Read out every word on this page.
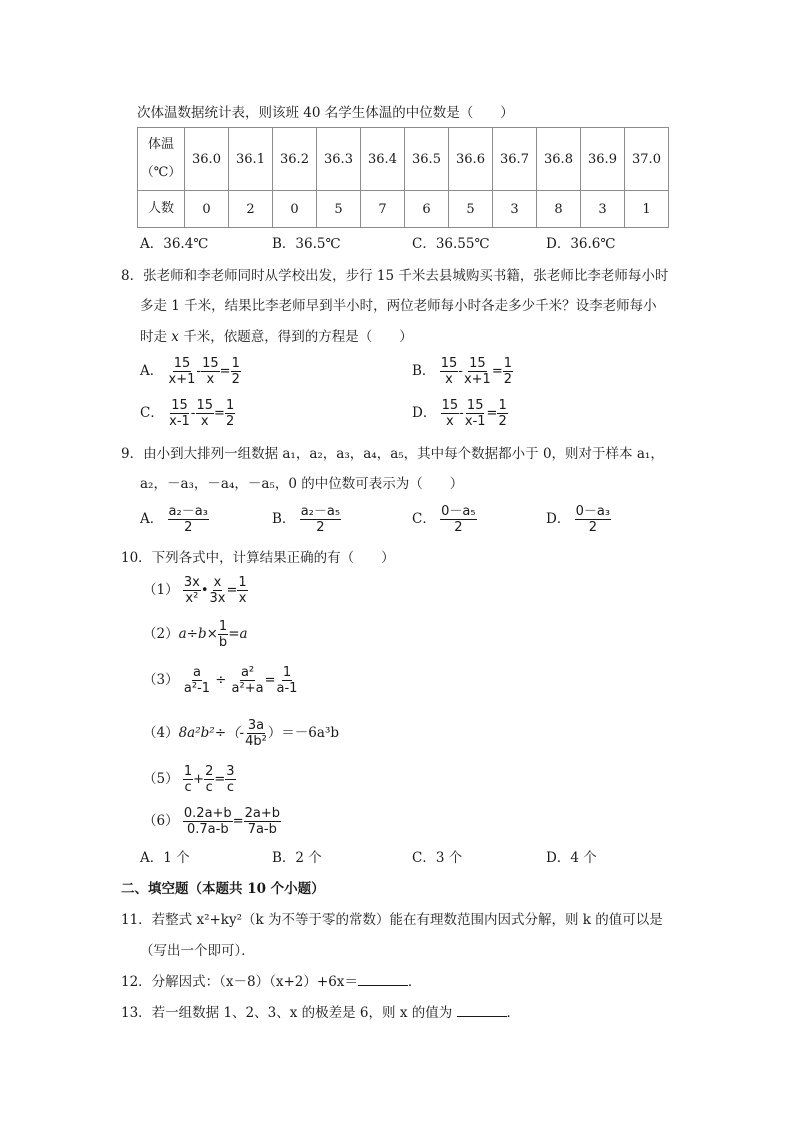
次体温数据统计表，则该班 40 名学生体温的中位数是（　　）
体温
（℃）	36.0	36.1	36.2	36.3	36.4	36.5	36.6	36.7	36.8	36.9	37.0
人数	0	2	0	5	7	6	5	3	8	3	1
A．36.4℃	B．36.5℃	C．36.55℃	D．36.6℃
8．张老师和李老师同时从学校出发，步行 15 千米去县城购买书籍，张老师比李老师每小时
多走 1 千米，结果比李老师早到半小时，两位老师每小时各走多少千米？设李老师每小
时走 x 千米，依题意，得到的方程是（　　）
A． $\frac{15}{x+1} - \frac{15}{x} = \frac{1}{2}$	B． $\frac{15}{x} - \frac{15}{x+1} = \frac{1}{2}$
C． $\frac{15}{x-1} - \frac{15}{x} = \frac{1}{2}$	D． $\frac{15}{x} - \frac{15}{x-1} = \frac{1}{2}$
9．由小到大排列一组数据 a₁，a₂，a₃，a₄，a₅，其中每个数据都小于 0，则对于样本 a₁，
a₂，－a₃，－a₄，－a₅，0 的中位数可表示为（　　）
A． $\frac{\text{a₂－a₃}}{2}$	B． $\frac{\text{a₂－a₅}}{2}$	C． $\frac{\text{0－a₅}}{2}$	D． $\frac{\text{0－a₃}}{2}$
10．下列各式中，计算结果正确的有（　　）
$(1) \frac{3x}{\text{x²}}$ • $\frac{x}{3x} = \frac{1}{x}$
$(2)a\div b\times \frac{1}{b} =a$
$(3) \frac{a}{\text{a²-1}} \div \frac{\text{a²}}{\text{a²+a}} = \frac{1}{a-1}$
$(4)8a^2b^2\div(- \frac{3a}{\text{4b²}} )=-6a^3b$
$(5) \frac{1}{c} + \frac{2}{c} = \frac{3}{c}$
$(6) \frac{0.2a+b}{0.7a-b} = \frac{2a+b}{7a-b}$
A．1 个	B．2 个	C．3 个	D．4 个
二、填空题（本题共 10 个小题）
11．若整式 x²+ky²（k 为不等于零的常数）能在有理数范围内因式分解，则 k 的值可以是
（写出一个即可）．
12．分解因式：（x－8）（x+2）+6x＝	．
13．若一组数据 1、2、3、x 的极差是 6，则 x 的值为	．
